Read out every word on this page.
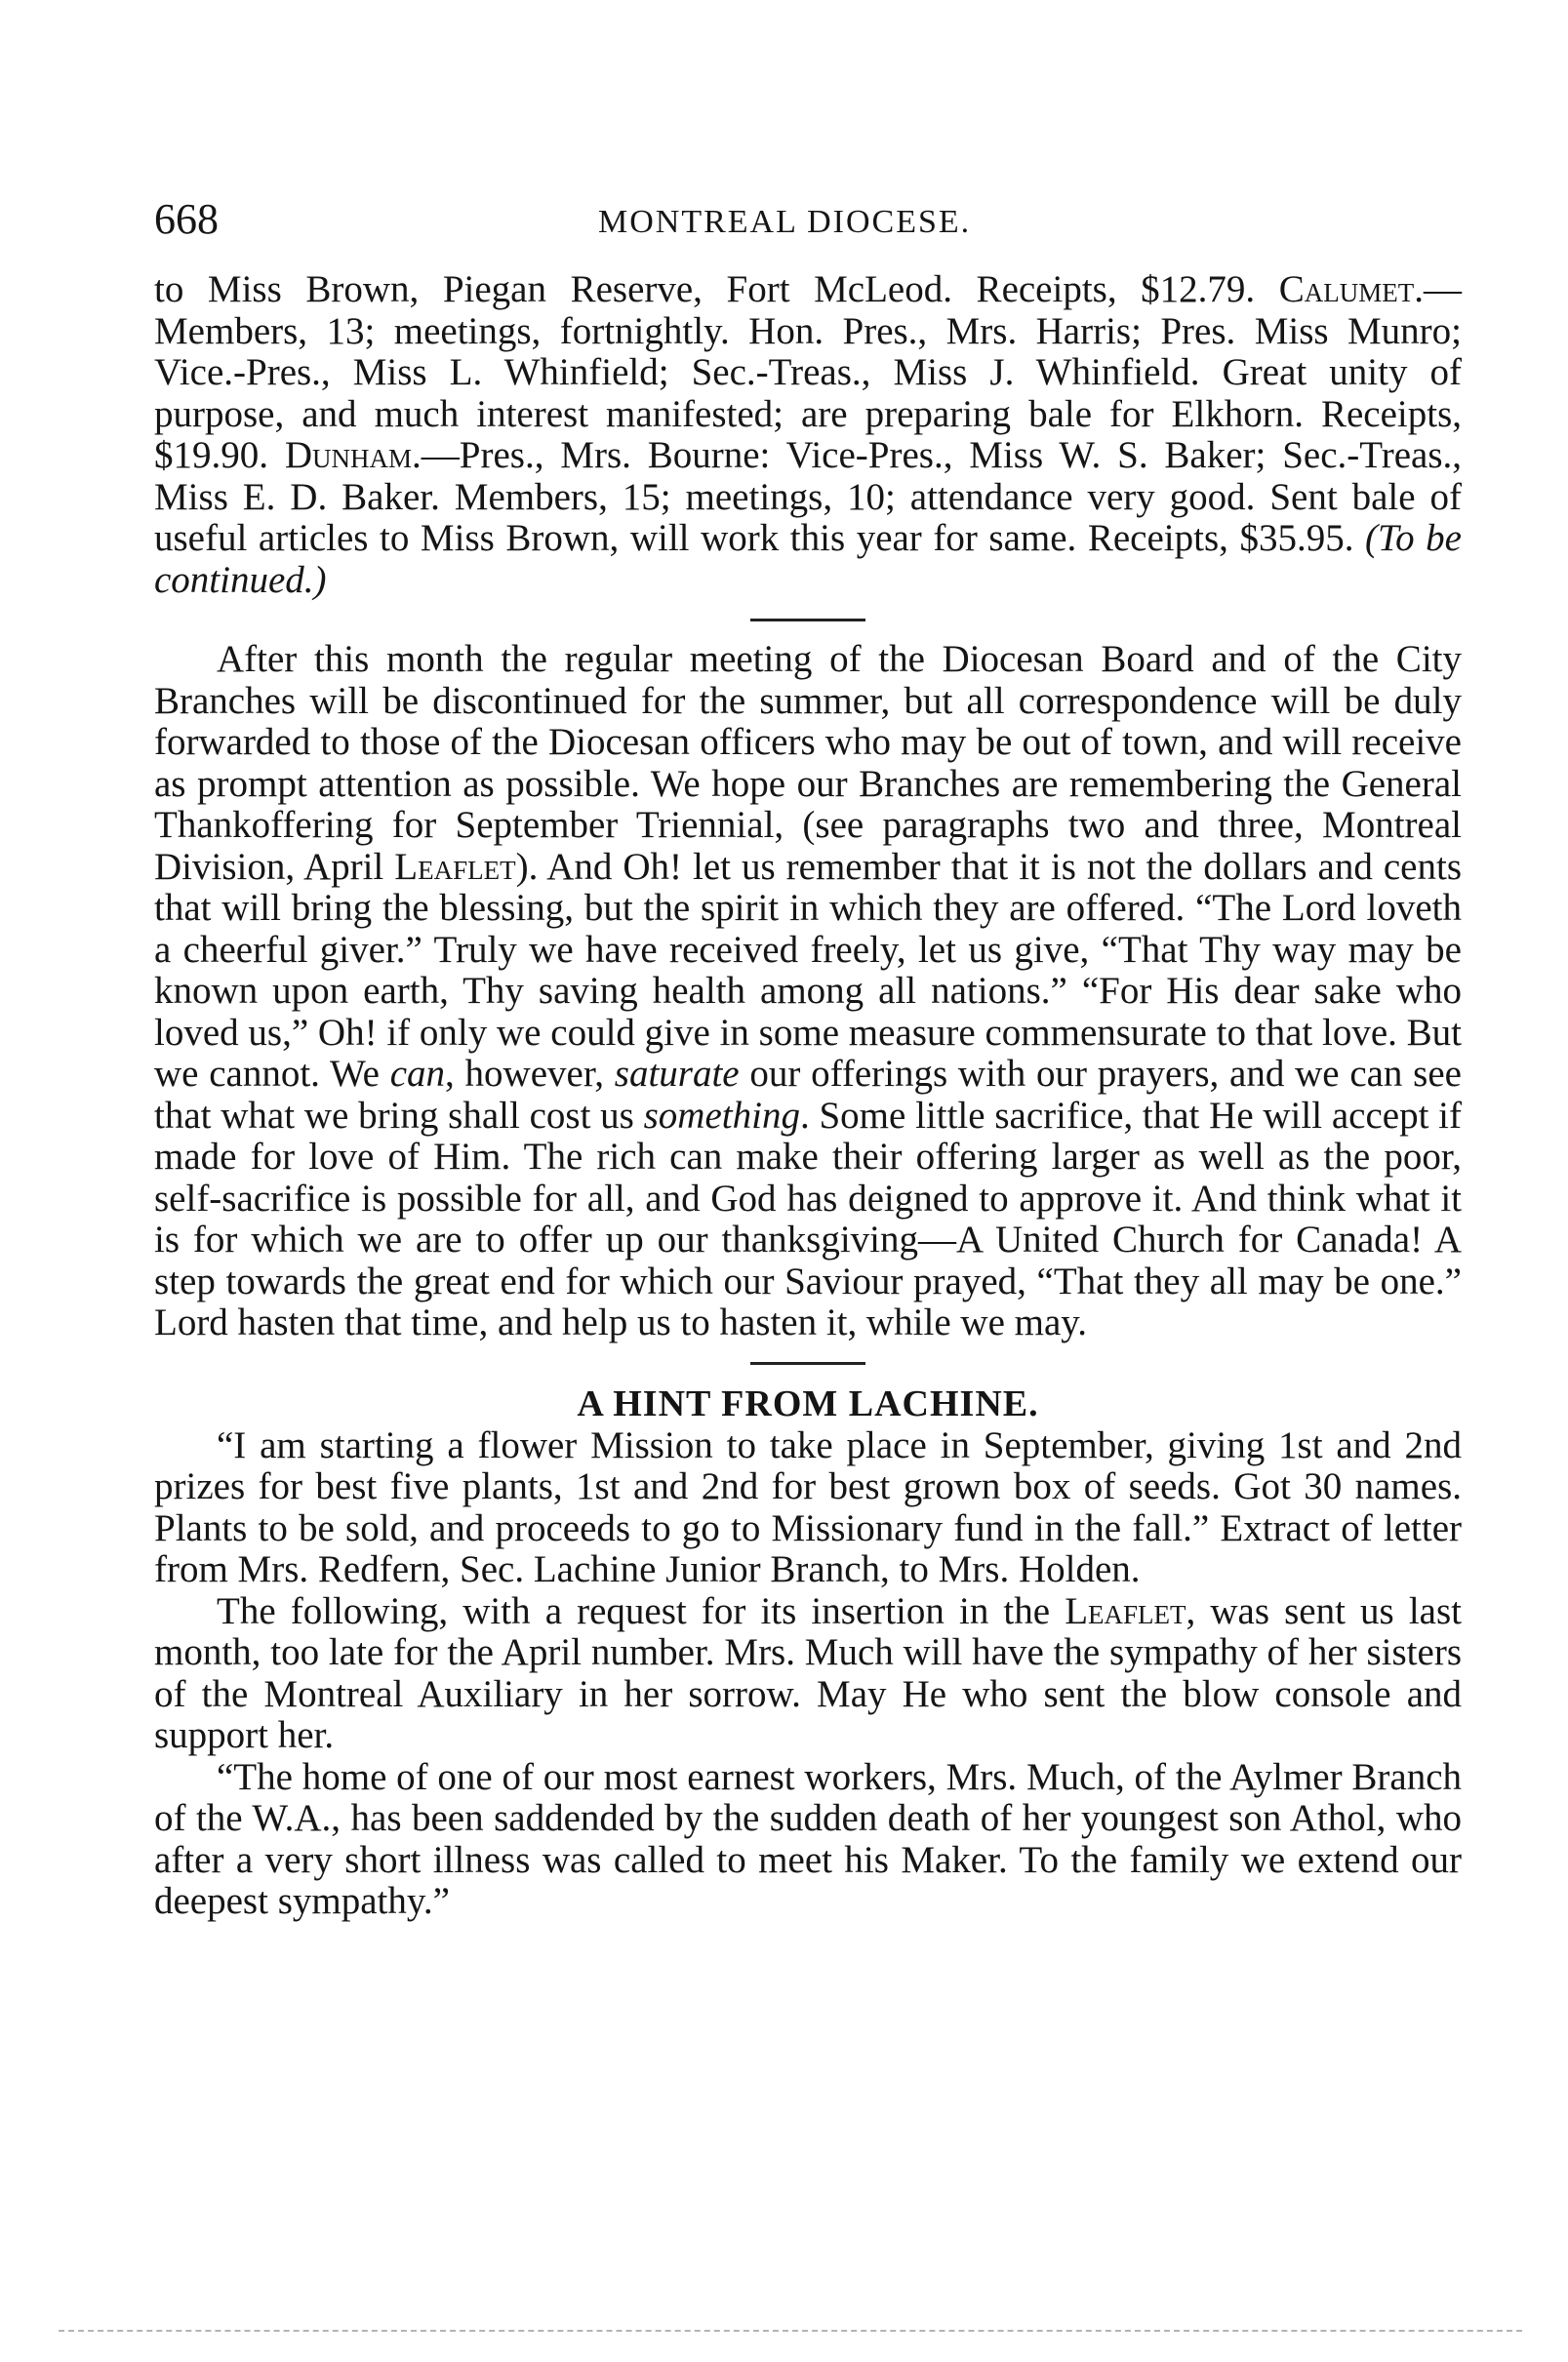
668	MONTREAL DIOCESE.

to Miss Brown, Piegan Reserve, Fort McLeod. Receipts, $12.79. Calumet.—Members, 13; meetings, fortnightly. Hon. Pres., Mrs. Harris; Pres. Miss Munro; Vice.-Pres., Miss L. Whinfield; Sec.-Treas., Miss J. Whinfield. Great unity of purpose, and much interest manifested; are preparing bale for Elkhorn. Receipts, $19.90. Dunham.—Pres., Mrs. Bourne: Vice-Pres., Miss W. S. Baker; Sec.-Treas., Miss E. D. Baker. Members, 15; meetings, 10; attendance very good. Sent bale of useful articles to Miss Brown, will work this year for same. Receipts, $35.95. (To be continued.)

After this month the regular meeting of the Diocesan Board and of the City Branches will be discontinued for the summer, but all correspondence will be duly forwarded to those of the Diocesan officers who may be out of town, and will receive as prompt attention as possible. We hope our Branches are remembering the General Thankoffering for September Triennial, (see paragraphs two and three, Montreal Division, April Leaflet). And Oh! let us remember that it is not the dollars and cents that will bring the blessing, but the spirit in which they are offered. “The Lord loveth a cheerful giver.” Truly we have received freely, let us give, “That Thy way may be known upon earth, Thy saving health among all nations.” “For His dear sake who loved us,” Oh! if only we could give in some measure commensurate to that love. But we cannot. We can, however, saturate our offerings with our prayers, and we can see that what we bring shall cost us something. Some little sacrifice, that He will accept if made for love of Him. The rich can make their offering larger as well as the poor, self-sacrifice is possible for all, and God has deigned to approve it. And think what it is for which we are to offer up our thanksgiving—A United Church for Canada! A step towards the great end for which our Saviour prayed, “That they all may be one.” Lord hasten that time, and help us to hasten it, while we may.

A HINT FROM LACHINE.

“I am starting a flower Mission to take place in September, giving 1st and 2nd prizes for best five plants, 1st and 2nd for best grown box of seeds. Got 30 names. Plants to be sold, and proceeds to go to Missionary fund in the fall.” Extract of letter from Mrs. Redfern, Sec. Lachine Junior Branch, to Mrs. Holden.

The following, with a request for its insertion in the Leaflet, was sent us last month, too late for the April number. Mrs. Much will have the sympathy of her sisters of the Montreal Auxiliary in her sorrow. May He who sent the blow console and support her.

“The home of one of our most earnest workers, Mrs. Much, of the Aylmer Branch of the W.A., has been saddended by the sudden death of her youngest son Athol, who after a very short illness was called to meet his Maker. To the family we extend our deepest sympathy.”
